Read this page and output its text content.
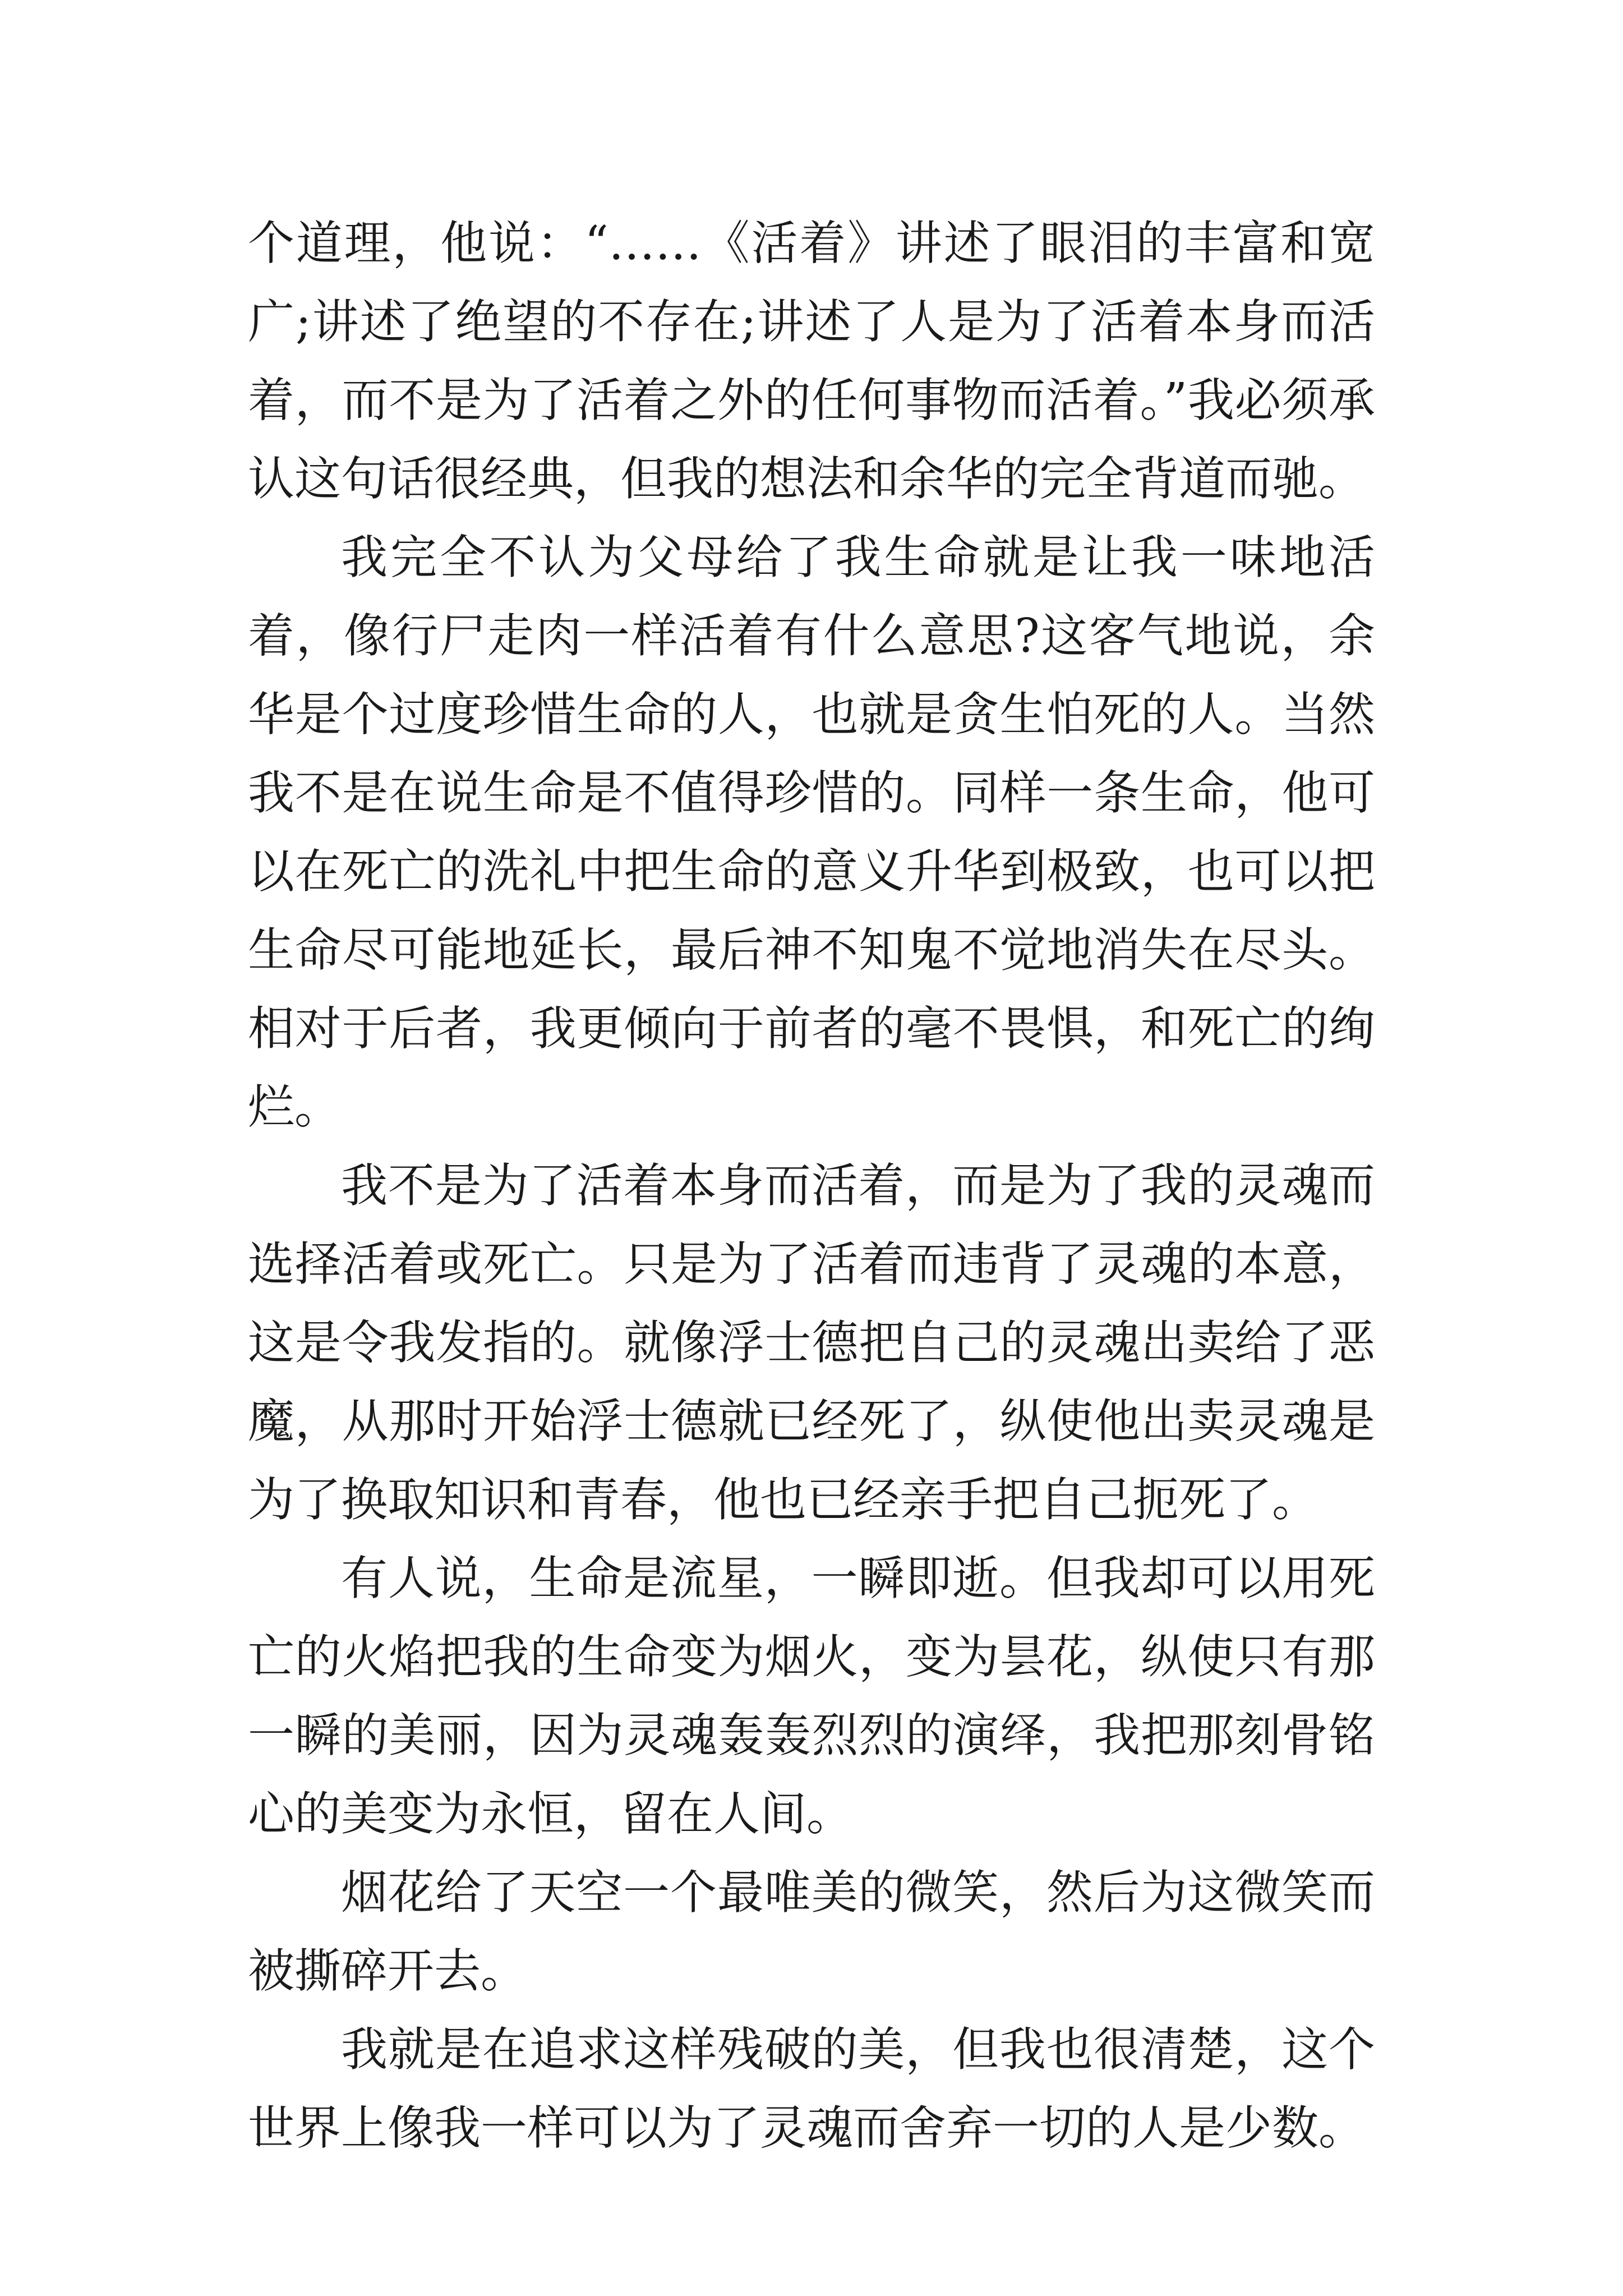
个道理，他说：“……《活着》讲述了眼泪的丰富和宽广;讲述了绝望的不存在;讲述了人是为了活着本身而活着，而不是为了活着之外的任何事物而活着。”我必须承认这句话很经典，但我的想法和余华的完全背道而驰。

我完全不认为父母给了我生命就是让我一味地活着，像行尸走肉一样活着有什么意思?这客气地说，余华是个过度珍惜生命的人，也就是贪生怕死的人。当然我不是在说生命是不值得珍惜的。同样一条生命，他可以在死亡的洗礼中把生命的意义升华到极致，也可以把生命尽可能地延长，最后神不知鬼不觉地消失在尽头。相对于后者，我更倾向于前者的毫不畏惧，和死亡的绚烂。

我不是为了活着本身而活着，而是为了我的灵魂而选择活着或死亡。只是为了活着而违背了灵魂的本意，这是令我发指的。就像浮士德把自己的灵魂出卖给了恶魔，从那时开始浮士德就已经死了，纵使他出卖灵魂是为了换取知识和青春，他也已经亲手把自己扼死了。

有人说，生命是流星，一瞬即逝。但我却可以用死亡的火焰把我的生命变为烟火，变为昙花，纵使只有那一瞬的美丽，因为灵魂轰轰烈烈的演绎，我把那刻骨铭心的美变为永恒，留在人间。

烟花给了天空一个最唯美的微笑，然后为这微笑而被撕碎开去。

我就是在追求这样残破的美，但我也很清楚，这个世界上像我一样可以为了灵魂而舍弃一切的人是少数。
